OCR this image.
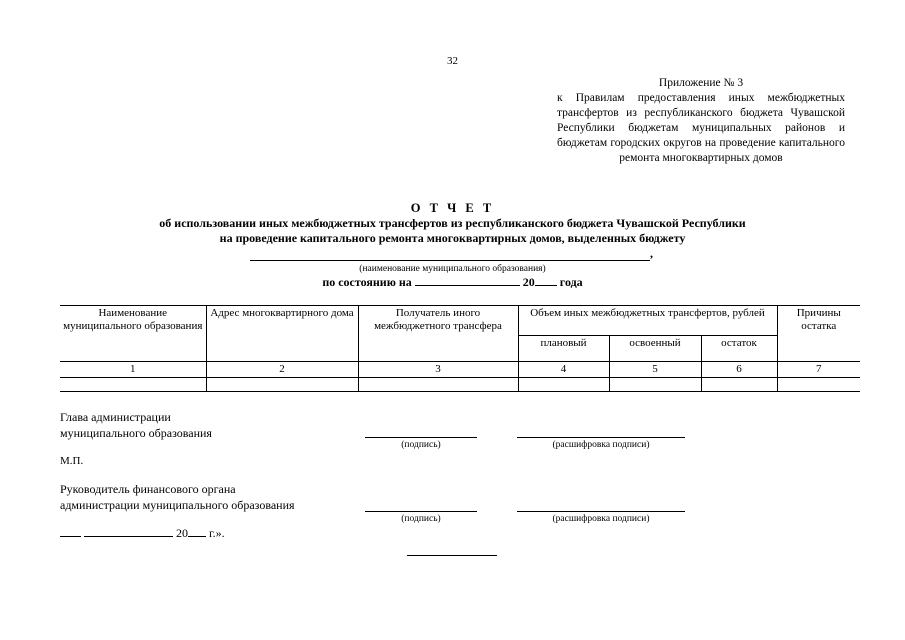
32
Приложение № 3
к Правилам предоставления иных межбюджетных трансфертов из республиканского бюджета Чувашской Республики бюджетам муниципальных районов и бюджетам городских округов на проведение капитального ремонта многоквартирных домов
О Т Ч Е Т
об использовании иных межбюджетных трансфертов из республиканского бюджета Чувашской Республики
на проведение капитального ремонта многоквартирных домов, выделенных бюджету
,
(наименование муниципального образования)
по состоянию на	20 года
Наименование муниципального образования	Адрес многоквартирного дома	Получатель иного межбюджетного трансфера	Объем иных межбюджетных трансфертов, рублей			Причины остатка
			плановый	освоенный	остаток	
1	2	3	4	5	6	7

Глава администрации
муниципального образования
(подпись)	(расшифровка подписи)
М.П.
Руководитель финансового органа
администрации муниципального образования
(подпись)	(расшифровка подписи)
20 г.».
